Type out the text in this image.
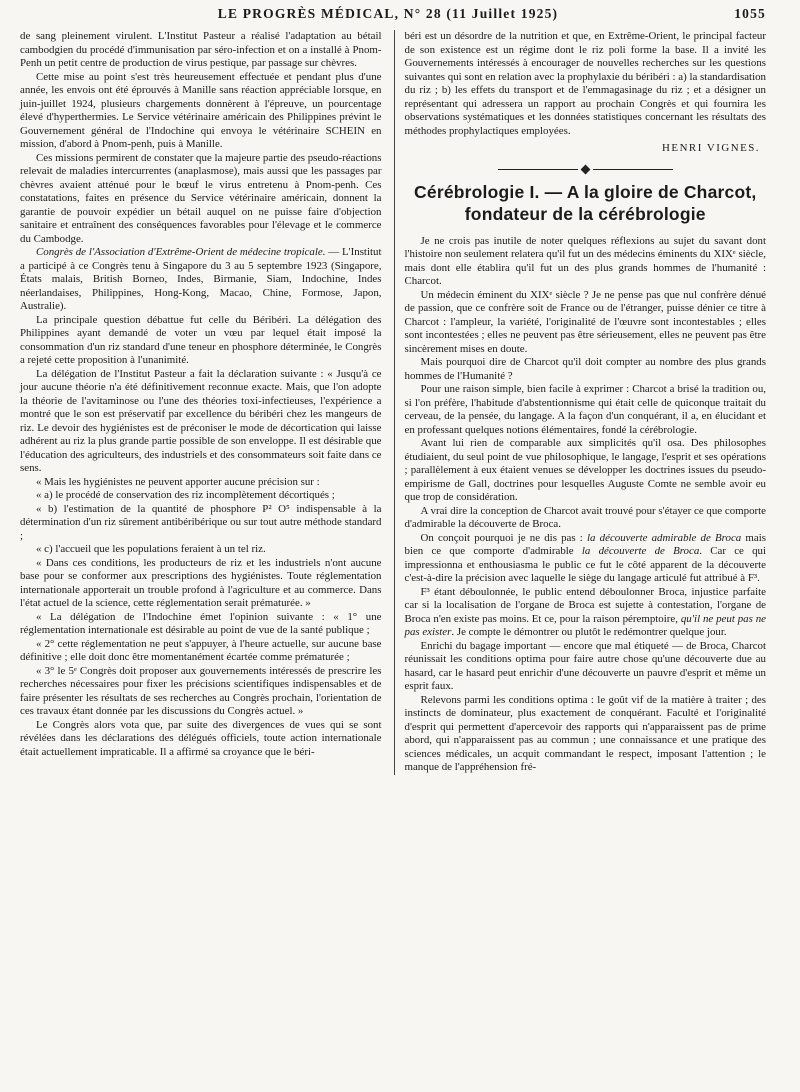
LE PROGRÈS MÉDICAL, N° 28 (11 Juillet 1925)	1055

de sang pleinement virulent. L'Institut Pasteur a réalisé l'adaptation au bétail cambodgien du procédé d'immunisation par séro-infection et on a installé à Pnom-Penh un petit centre de production de virus pestique, par passage sur chèvres.

Cette mise au point s'est très heureusement effectuée et pendant plus d'une année, les envois ont été éprouvés à Manille sans réaction appréciable lorsque, en juin-juillet 1924, plusieurs chargements donnèrent à l'épreuve, un pourcentage élevé d'hyperthermies. Le Service vétérinaire américain des Philippines prévint le Gouvernement général de l'Indochine qui envoya le vétérinaire SCHEIN en mission, d'abord à Pnom-penh, puis à Manille.

Ces missions permirent de constater que la majeure partie des pseudo-réactions relevait de maladies intercurrentes (anaplasmose), mais aussi que les passages par chèvres avaient atténué pour le bœuf le virus entretenu à Pnom-penh. Ces constatations, faites en présence du Service vétérinaire américain, donnent la garantie de pouvoir expédier un bétail auquel on ne puisse faire d'objection sanitaire et entraînent des conséquences favorables pour l'élevage et le commerce du Cambodge.

Congrès de l'Association d'Extrême-Orient de médecine tropicale. — L'Institut a participé à ce Congrès tenu à Singapore du 3 au 5 septembre 1923 (Singapore, États malais, British Borneo, Indes, Birmanie, Siam, Indochine, Indes néerlandaises, Philippines, Hong-Kong, Macao, Chine, Formose, Japon, Australie).

La principale question débattue fut celle du Béribéri. La délégation des Philippines ayant demandé de voter un vœu par lequel était imposé la consommation d'un riz standard d'une teneur en phosphore déterminée, le Congrès a rejeté cette proposition à l'unanimité.

La délégation de l'Institut Pasteur a fait la déclaration suivante : « Jusqu'à ce jour aucune théorie n'a été définitivement reconnue exacte. Mais, que l'on adopte la théorie de l'avitaminose ou l'une des théories toxi-infectieuses, l'expérience a montré que le son est préservatif par excellence du béribéri chez les mangeurs de riz. Le devoir des hygiénistes est de préconiser le mode de décortication qui laisse adhérent au riz la plus grande partie possible de son enveloppe. Il est désirable que l'éducation des agriculteurs, des industriels et des consommateurs soit faite dans ce sens.

« Mais les hygiénistes ne peuvent apporter aucune précision sur :

« a) le procédé de conservation des riz incomplètement décortiqués ;

« b) l'estimation de la quantité de phosphore P² O⁵ indispensable à la détermination d'un riz sûrement antibéribérique ou sur tout autre méthode standard ;

« c) l'accueil que les populations feraient à un tel riz.

« Dans ces conditions, les producteurs de riz et les industriels n'ont aucune base pour se conformer aux prescriptions des hygiénistes. Toute réglementation internationale apporterait un trouble profond à l'agriculture et au commerce. Dans l'état actuel de la science, cette réglementation serait prématurée. »

« La délégation de l'Indochine émet l'opinion suivante : « 1° une réglementation internationale est désirable au point de vue de la santé publique ;

« 2° cette réglementation ne peut s'appuyer, à l'heure actuelle, sur aucune base définitive ; elle doit donc être momentanément écartée comme prématurée ;

« 3° le 5ᵉ Congrès doit proposer aux gouvernements intéressés de prescrire les recherches nécessaires pour fixer les précisions scientifiques indispensables et de faire présenter les résultats de ses recherches au Congrès prochain, l'orientation de ces travaux étant donnée par les discussions du Congrès actuel. »

Le Congrès alors vota que, par suite des divergences de vues qui se sont révélées dans les déclarations des délégués officiels, toute action internationale était actuellement impraticable. Il a affirmé sa croyance que le béri-

béri est un désordre de la nutrition et que, en Extrême-Orient, le principal facteur de son existence est un régime dont le riz poli forme la base. Il a invité les Gouvernements intéressés à encourager de nouvelles recherches sur les questions suivantes qui sont en relation avec la prophylaxie du béribéri : a) la standardisation du riz ; b) les effets du transport et de l'emmagasinage du riz ; et a désigner un représentant qui adressera un rapport au prochain Congrès et qui fournira les observations systématiques et les données statistiques concernant les résultats des méthodes prophylactiques employées.

HENRI VIGNES.
Cérébrologie I. — A la gloire de Charcot, fondateur de la cérébrologie

Je ne crois pas inutile de noter quelques réflexions au sujet du savant dont l'histoire non seulement relatera qu'il fut un des médecins éminents du XIXᵉ siècle, mais dont elle établira qu'il fut un des plus grands hommes de l'humanité : Charcot.

Un médecin éminent du XIXᵉ siècle ? Je ne pense pas que nul confrère dénué de passion, que ce confrère soit de France ou de l'étranger, puisse dénier ce titre à Charcot : l'ampleur, la variété, l'originalité de l'œuvre sont incontestables ; elles sont incontestées ; elles ne peuvent pas être sérieusement, elles ne peuvent pas être sincèrement mises en doute.

Mais pourquoi dire de Charcot qu'il doit compter au nombre des plus grands hommes de l'Humanité ?

Pour une raison simple, bien facile à exprimer : Charcot a brisé la tradition ou, si l'on préfère, l'habitude d'abstentionnisme qui était celle de quiconque traitait du cerveau, de la pensée, du langage. A la façon d'un conquérant, il a, en élucidant et en professant quelques notions élémentaires, fondé la cérébrologie.

Avant lui rien de comparable aux simplicités qu'il osa. Des philosophes étudiaient, du seul point de vue philosophique, le langage, l'esprit et ses opérations ; parallèlement à eux étaient venues se développer les doctrines issues du pseudo-empirisme de Gall, doctrines pour lesquelles Auguste Comte ne semble avoir eu que trop de considération.

A vrai dire la conception de Charcot avait trouvé pour s'étayer ce que comporte d'admirable la découverte de Broca.

On conçoit pourquoi je ne dis pas : la découverte admirable de Broca mais bien ce que comporte d'admirable la découverte de Broca. Car ce qui impressionna et enthousiasma le public ce fut le côté apparent de la découverte c'est-à-dire la précision avec laquelle le siège du langage articulé fut attribué à F³.

F³ étant déboulonnée, le public entend déboulonner Broca, injustice parfaite car si la localisation de l'organe de Broca est sujette à contestation, l'organe de Broca n'en existe pas moins. Et ce, pour la raison péremptoire, qu'il ne peut pas ne pas exister. Je compte le démontrer ou plutôt le redémontrer quelque jour.

Enrichi du bagage important — encore que mal étiqueté — de Broca, Charcot réunissait les conditions optima pour faire autre chose qu'une découverte due au hasard, car le hasard peut enrichir d'une découverte un pauvre d'esprit et même un esprit faux.

Relevons parmi les conditions optima : le goût vif de la matière à traiter ; des instincts de dominateur, plus exactement de conquérant. Faculté et l'originalité d'esprit qui permettent d'apercevoir des rapports qui n'apparaissent pas de prime abord, qui n'apparaissent pas au commun ; une connaissance et une pratique des sciences médicales, un acquit commandant le respect, imposant l'attention ; le manque de l'appréhension fré-
